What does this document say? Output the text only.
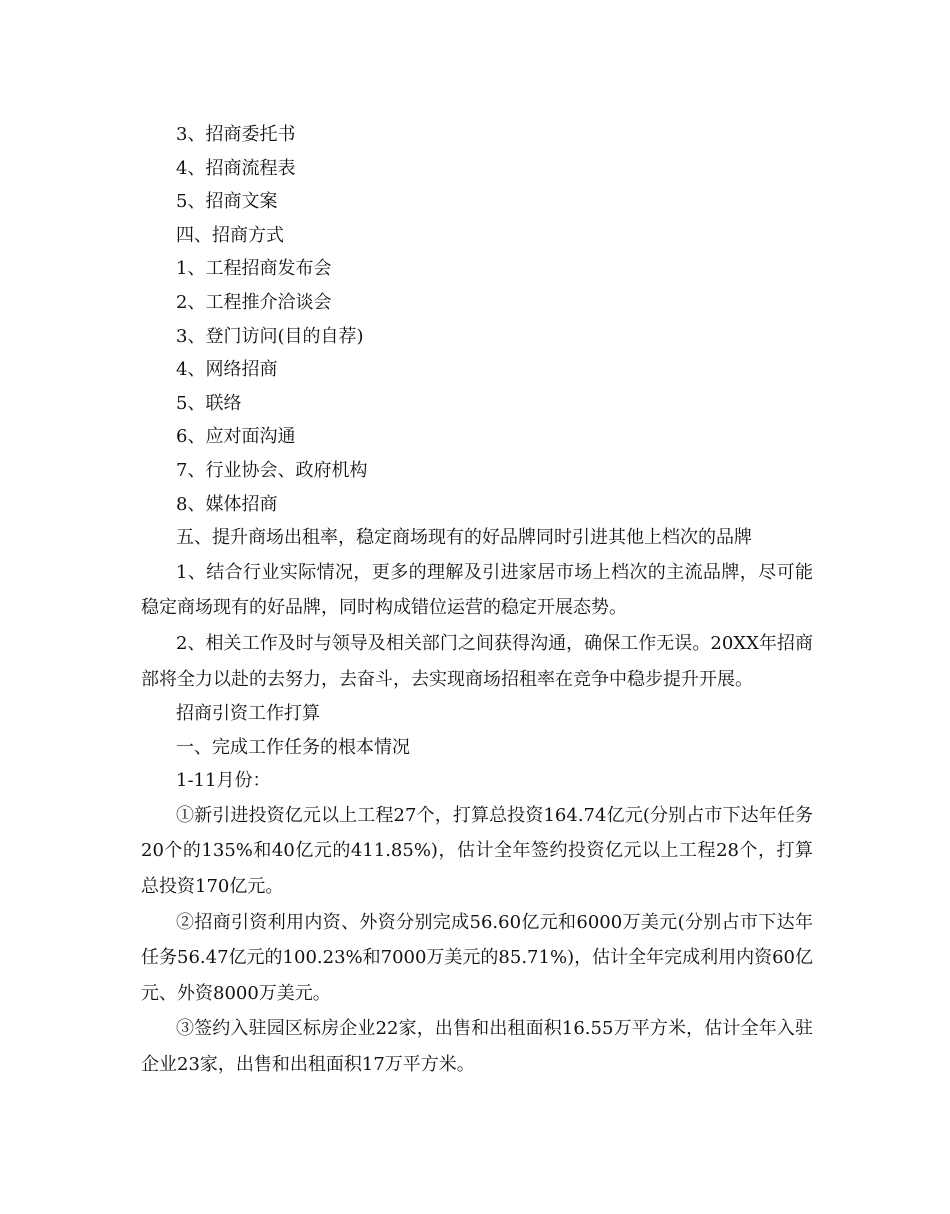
3、招商委托书

4、招商流程表

5、招商文案

四、招商方式

1、工程招商发布会

2、工程推介洽谈会

3、登门访问(目的自荐)

4、网络招商

5、联络

6、应对面沟通

7、行业协会、政府机构

8、媒体招商

五、提升商场出租率，稳定商场现有的好品牌同时引进其他上档次的品牌

1、结合行业实际情况，更多的理解及引进家居市场上档次的主流品牌，尽可能稳定商场现有的好品牌，同时构成错位运营的稳定开展态势。

2、相关工作及时与领导及相关部门之间获得沟通，确保工作无误。20XX年招商部将全力以赴的去努力，去奋斗，去实现商场招租率在竞争中稳步提升开展。

招商引资工作打算

一、完成工作任务的根本情况

1-11月份：

①新引进投资亿元以上工程27个，打算总投资164.74亿元(分别占市下达年任务20个的135%和40亿元的411.85%)，估计全年签约投资亿元以上工程28个，打算总投资170亿元。

②招商引资利用内资、外资分别完成56.60亿元和6000万美元(分别占市下达年任务56.47亿元的100.23%和7000万美元的85.71%)，估计全年完成利用内资60亿元、外资8000万美元。

③签约入驻园区标房企业22家，出售和出租面积16.55万平方米，估计全年入驻企业23家，出售和出租面积17万平方米。
